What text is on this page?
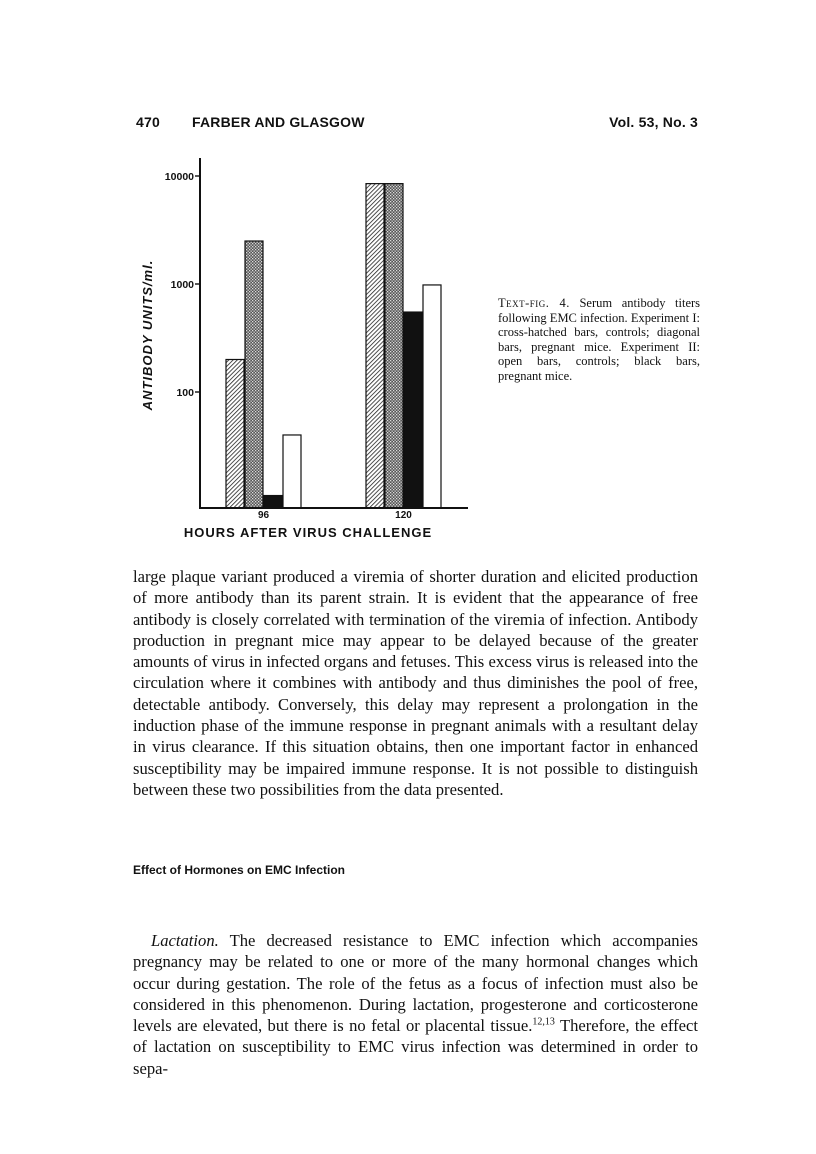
470 FARBER AND GLASGOW	Vol. 53, No. 3
10000
1000
100
ANTIBODY UNITS/ml.
96	120
HOURS AFTER VIRUS CHALLENGE
Text-fig. 4. Serum antibody titers following EMC infection. Experiment I: cross-hatched bars, controls; diagonal bars, pregnant mice. Experiment II: open bars, controls; black bars, pregnant mice.

large plaque variant produced a viremia of shorter duration and elicited production of more antibody than its parent strain. It is evident that the appearance of free antibody is closely correlated with termination of the viremia of infection. Antibody production in pregnant mice may appear to be delayed because of the greater amounts of virus in infected organs and fetuses. This excess virus is released into the circulation where it combines with antibody and thus diminishes the pool of free, detectable antibody. Conversely, this delay may represent a prolongation in the induction phase of the immune response in pregnant animals with a resultant delay in virus clearance. If this situation obtains, then one important factor in enhanced susceptibility may be impaired immune response. It is not possible to distinguish between these two possibilities from the data presented.

Effect of Hormones on EMC Infection

Lactation. The decreased resistance to EMC infection which accompanies pregnancy may be related to one or more of the many hormonal changes which occur during gestation. The role of the fetus as a focus of infection must also be considered in this phenomenon. During lactation, progesterone and corticosterone levels are elevated, but there is no fetal or placental tissue.$^{12,13}$ Therefore, the effect of lactation on susceptibility to EMC virus infection was determined in order to sepa-
